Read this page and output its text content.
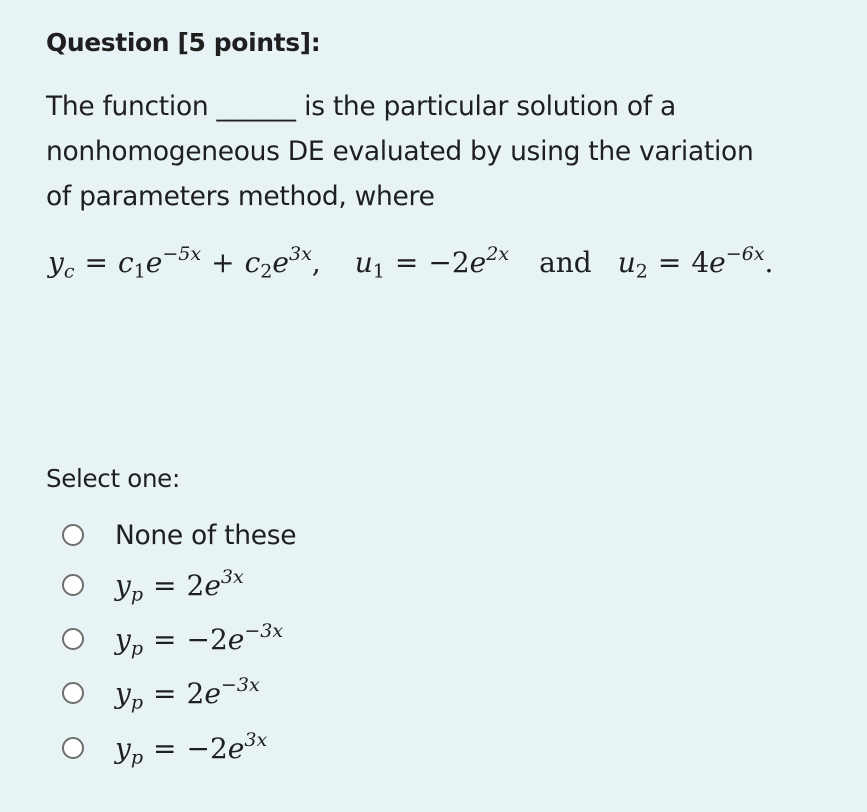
Question [5 points]:
The function ______ is the particular solution of a
nonhomogeneous DE evaluated by using the variation
of parameters method, where
$y_c = c_1e^{-5x} + c_2e^{3x}$, $u_1 = -2e^{2x}$ and $u_2 = 4e^{-6x}$.
Select one:
None of these
$y_p = 2e^{3x}$
$y_p = -2e^{-3x}$
$y_p = 2e^{-3x}$
$y_p = -2e^{3x}$
